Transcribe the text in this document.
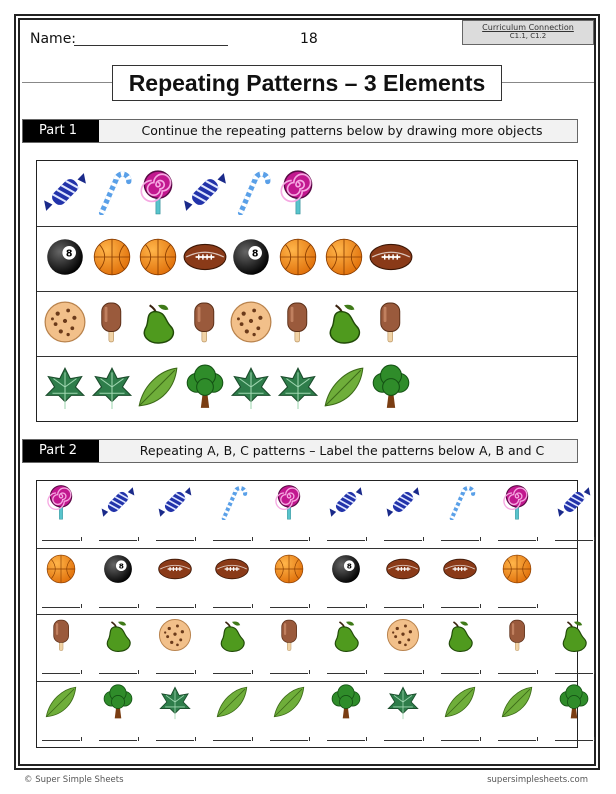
Name:	18
Curriculum Connection
C1.1, C1.2
Repeating Patterns – 3 Elements
Part 1	Continue the repeating patterns below by drawing more objects
8	8
Part 2	Repeating A, B, C patterns – Label the patterns below A, B and C
8	8
© Super Simple Sheets	supersimplesheets.com
